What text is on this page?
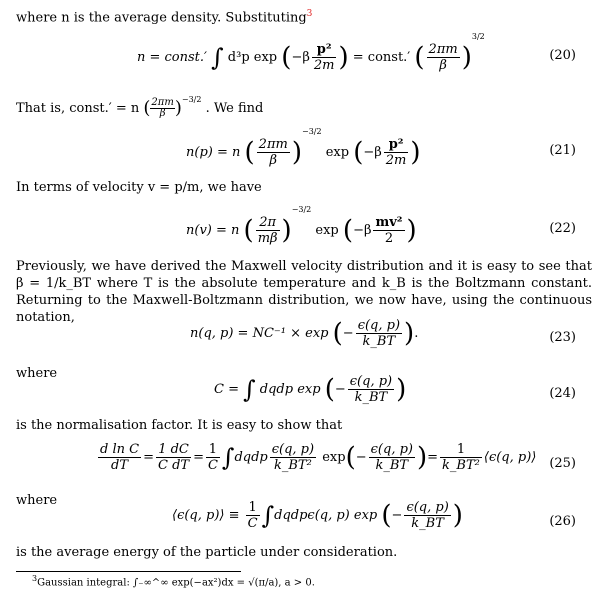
where n is the average density. Substituting$^3$
n = const.′ ∫ d³p $\exp (-\beta \frac{\text{p²}}{2m}$ ) = const.′ ( $\frac{2\pi m}{\beta} )^{3/2}$
(20)
That is, const.′ = n ( $\frac{2\pi m}{\beta} )^{-3/2}$ . We find
n(p) = n ( $\frac{2\pi m}{\beta} )^{-3/2}$ $\exp (-\beta \frac{\text{p²}}{2m}$ )	(21)
In terms of velocity v = p/m, we have
n(v) = n ( $\frac{2\pi}{m\beta} )^{-3/2}$ $\exp (-\beta \frac{\text{mv²}}{2}$ )	(22)
Previously, we have derived the Maxwell velocity distribution and it is easy to see that β = 1/k_BT where T is the absolute temperature and k_B is the Boltzmann constant. Returning to the Maxwell-Boltzmann distribution, we now have, using the continuous notation,
n(q, p) = NC⁻¹ × exp (− $\frac{\epsilon(q, p)}{k\_BT}$ ).	(23)
where
C = ∫ dqdp exp (− $\frac{\epsilon(q, p)}{k\_BT}$ )	(24)
is the normalisation factor. It is easy to show that
$\frac{\text{d ln C}}{dT} = \frac{1 dC}{\text{C dT}} = \frac{1}{C}$ ∫dqdp $\frac{\epsilon(q, p)}{\text{k\_BT²}} \exp(- \frac{\epsilon(q, p)}{k\_BT}$ )= $\frac{1}{\text{k\_BT²}}$ ⟨ϵ(q, p)⟩ (25)
where
⟨ϵ(q, p)⟩ ≡ $\frac{1}{C}$ ∫dqdpϵ(q, p) exp (− $\frac{\epsilon(q, p)}{k\_BT}$ )	(26)
is the average energy of the particle under consideration.
$^3$Gaussian integral: ∫₋∞^∞ exp(−ax²)dx = √(π/a), a > 0.
